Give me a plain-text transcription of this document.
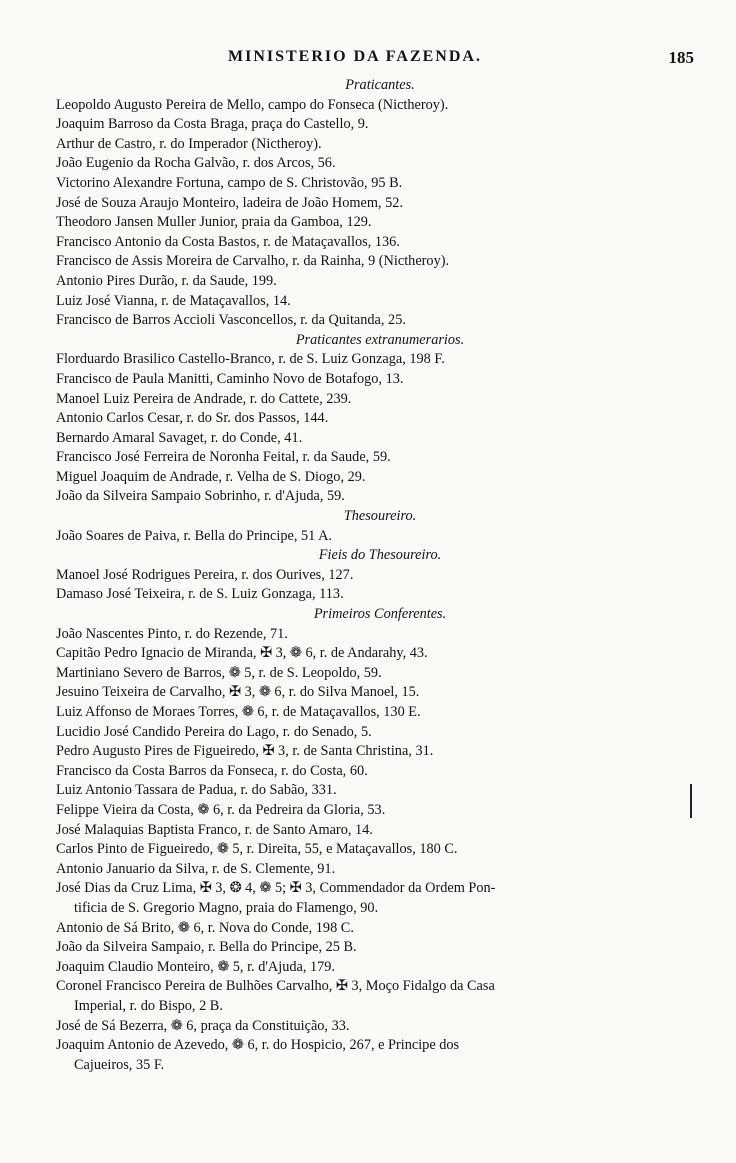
MINISTERIO DA FAZENDA.	185
Praticantes.
Leopoldo Augusto Pereira de Mello, campo do Fonseca (Nictheroy).
Joaquim Barroso da Costa Braga, praça do Castello, 9.
Arthur de Castro, r. do Imperador (Nictheroy).
João Eugenio da Rocha Galvão, r. dos Arcos, 56.
Victorino Alexandre Fortuna, campo de S. Christovão, 95 B.
José de Souza Araujo Monteiro, ladeira de João Homem, 52.
Theodoro Jansen Muller Junior, praia da Gamboa, 129.
Francisco Antonio da Costa Bastos, r. de Mataçavallos, 136.
Francisco de Assis Moreira de Carvalho, r. da Rainha, 9 (Nictheroy).
Antonio Pires Durão, r. da Saude, 199.
Luiz José Vianna, r. de Mataçavallos, 14.
Francisco de Barros Accioli Vasconcellos, r. da Quitanda, 25.
Praticantes extranumerarios.
Florduardo Brasilico Castello-Branco, r. de S. Luiz Gonzaga, 198 F.
Francisco de Paula Manitti, Caminho Novo de Botafogo, 13.
Manoel Luiz Pereira de Andrade, r. do Cattete, 239.
Antonio Carlos Cesar, r. do Sr. dos Passos, 144.
Bernardo Amaral Savaget, r. do Conde, 41.
Francisco José Ferreira de Noronha Feital, r. da Saude, 59.
Miguel Joaquim de Andrade, r. Velha de S. Diogo, 29.
João da Silveira Sampaio Sobrinho, r. d'Ajuda, 59.
Thesoureiro.
João Soares de Paiva, r. Bella do Principe, 51 A.
Fieis do Thesoureiro.
Manoel José Rodrigues Pereira, r. dos Ourives, 127.
Damaso José Teixeira, r. de S. Luiz Gonzaga, 113.
Primeiros Conferentes.
João Nascentes Pinto, r. do Rezende, 71.
Capitão Pedro Ignacio de Miranda, ✠ 3, ❁ 6, r. de Andarahy, 43.
Martiniano Severo de Barros, ❁ 5, r. de S. Leopoldo, 59.
Jesuino Teixeira de Carvalho, ✠ 3, ❁ 6, r. do Silva Manoel, 15.
Luiz Affonso de Moraes Torres, ❁ 6, r. de Mataçavallos, 130 E.
Lucidio José Candido Pereira do Lago, r. do Senado, 5.
Pedro Augusto Pires de Figueiredo, ✠ 3, r. de Santa Christina, 31.
Francisco da Costa Barros da Fonseca, r. do Costa, 60.
Luiz Antonio Tassara de Padua, r. do Sabão, 331.
Felippe Vieira da Costa, ❁ 6, r. da Pedreira da Gloria, 53.
José Malaquias Baptista Franco, r. de Santo Amaro, 14.
Carlos Pinto de Figueiredo, ❁ 5, r. Direita, 55, e Mataçavallos, 180 C.
Antonio Januario da Silva, r. de S. Clemente, 91.
José Dias da Cruz Lima, ✠ 3, ❂ 4, ❁ 5; ✠ 3, Commendador da Ordem Pon-
tificia de S. Gregorio Magno, praia do Flamengo, 90.
Antonio de Sá Brito, ❁ 6, r. Nova do Conde, 198 C.
João da Silveira Sampaio, r. Bella do Principe, 25 B.
Joaquim Claudio Monteiro, ❁ 5, r. d'Ajuda, 179.
Coronel Francisco Pereira de Bulhões Carvalho, ✠ 3, Moço Fidalgo da Casa
Imperial, r. do Bispo, 2 B.
José de Sá Bezerra, ❁ 6, praça da Constituição, 33.
Joaquim Antonio de Azevedo, ❁ 6, r. do Hospicio, 267, e Principe dos
Cajueiros, 35 F.
